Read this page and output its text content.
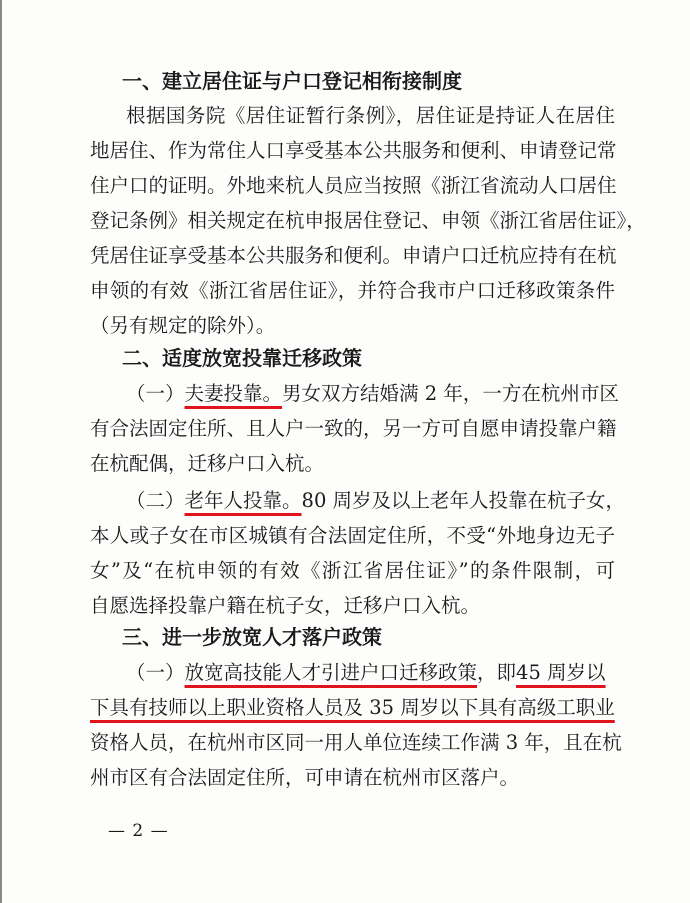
一、建立居住证与户口登记相衔接制度
根据国务院《居住证暂行条例》，居住证是持证人在居住
地居住、作为常住人口享受基本公共服务和便利、申请登记常
住户口的证明。外地来杭人员应当按照《浙江省流动人口居住
登记条例》相关规定在杭申报居住登记、申领《浙江省居住证》，
凭居住证享受基本公共服务和便利。申请户口迁杭应持有在杭
申领的有效《浙江省居住证》，并符合我市户口迁移政策条件
（另有规定的除外）。
二、适度放宽投靠迁移政策
（一）夫妻投靠。男女双方结婚满 2 年，一方在杭州市区
有合法固定住所、且人户一致的，另一方可自愿申请投靠户籍
在杭配偶，迁移户口入杭。
（二）老年人投靠。80 周岁及以上老年人投靠在杭子女，
本人或子女在市区城镇有合法固定住所，不受“外地身边无子
女”及“在杭申领的有效《浙江省居住证》”的条件限制，可
自愿选择投靠户籍在杭子女，迁移户口入杭。
三、进一步放宽人才落户政策
（一）放宽高技能人才引进户口迁移政策，即45 周岁以
下具有技师以上职业资格人员及 35 周岁以下具有高级工职业
资格人员，在杭州市区同一用人单位连续工作满 3 年，且在杭
州市区有合法固定住所，可申请在杭州市区落户。
— 2 —
